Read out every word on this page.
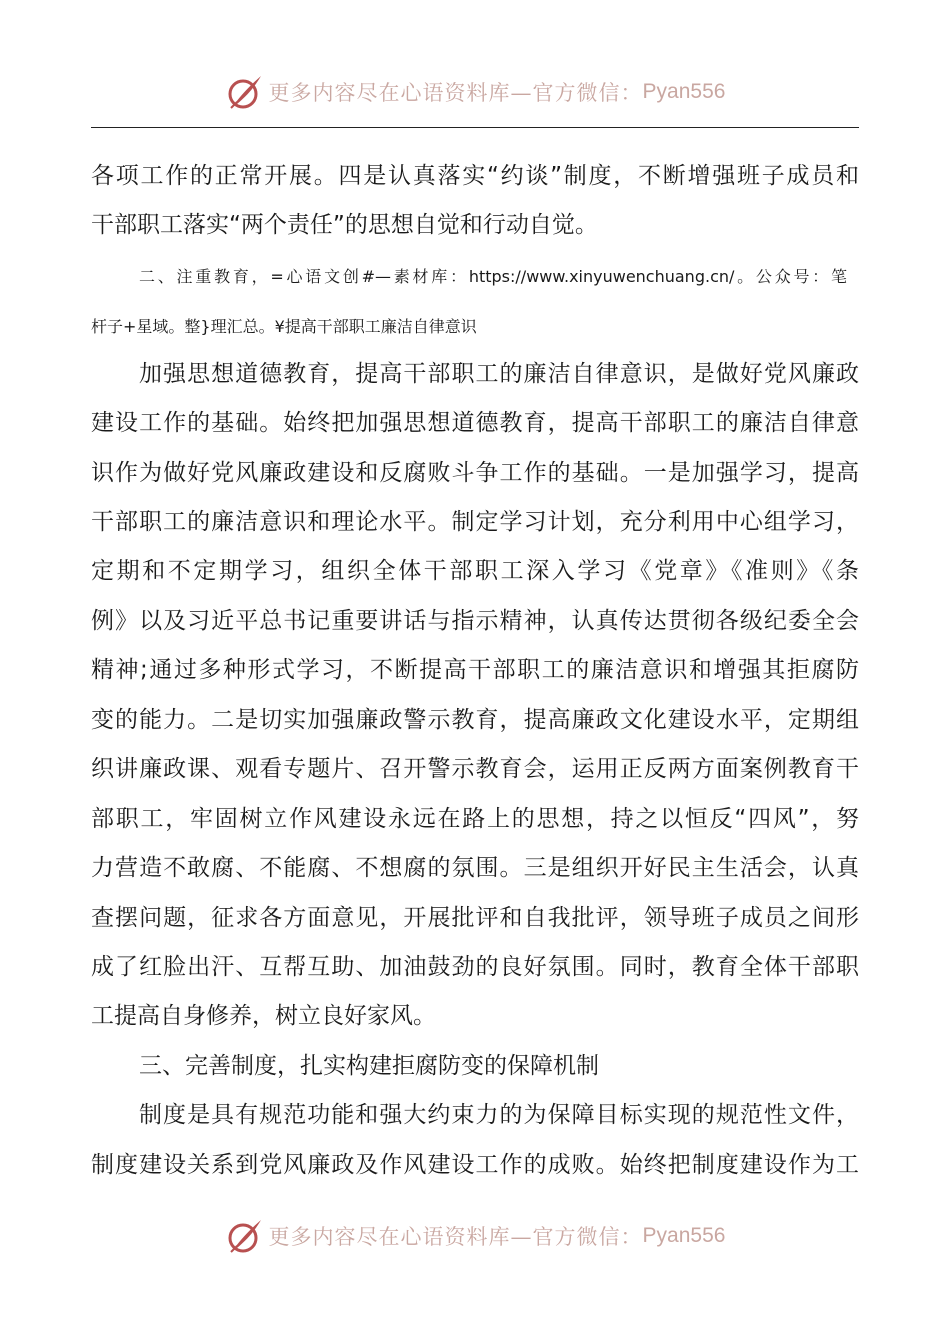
更多内容尽在心语资料库—官方微信： Pyan556
各项工作的正常开展。四是认真落实“约谈”制度，不断增强班子成员和
干部职工落实“两个责任”的思想自觉和行动自觉。
二、注重教育，=心语文创#—素材库：https://www.xinyuwenchuang.cn/。公众号：笔
杆子+星域。整}理汇总。¥提高干部职工廉洁自律意识
加强思想道德教育，提高干部职工的廉洁自律意识，是做好党风廉政
建设工作的基础。始终把加强思想道德教育，提高干部职工的廉洁自律意
识作为做好党风廉政建设和反腐败斗争工作的基础。一是加强学习，提高
干部职工的廉洁意识和理论水平。制定学习计划，充分利用中心组学习，
定期和不定期学习，组织全体干部职工深入学习《党章》《准则》《条
例》以及习近平总书记重要讲话与指示精神，认真传达贯彻各级纪委全会
精神;通过多种形式学习，不断提高干部职工的廉洁意识和增强其拒腐防
变的能力。二是切实加强廉政警示教育，提高廉政文化建设水平，定期组
织讲廉政课、观看专题片、召开警示教育会，运用正反两方面案例教育干
部职工，牢固树立作风建设永远在路上的思想，持之以恒反“四风”，努
力营造不敢腐、不能腐、不想腐的氛围。三是组织开好民主生活会，认真
查摆问题，征求各方面意见，开展批评和自我批评，领导班子成员之间形
成了红脸出汗、互帮互助、加油鼓劲的良好氛围。同时，教育全体干部职
工提高自身修养，树立良好家风。
三、完善制度，扎实构建拒腐防变的保障机制
制度是具有规范功能和强大约束力的为保障目标实现的规范性文件，
制度建设关系到党风廉政及作风建设工作的成败。始终把制度建设作为工
更多内容尽在心语资料库—官方微信： Pyan556
